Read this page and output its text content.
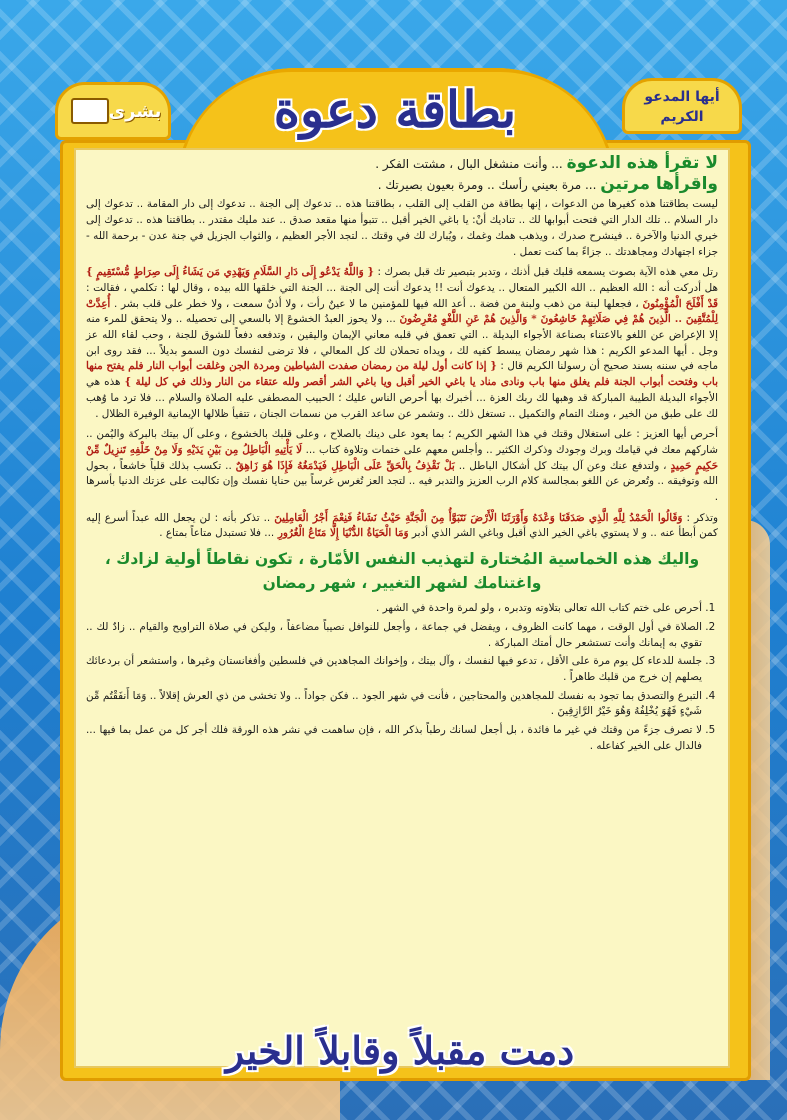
بطاقة دعوة	أيها المدعو الكريم
بشرى

لا تقرأ هذه الدعوة ... وأنت منشغل البال ، مشتت الفكر .

واقرأها مرتين ... مرة بعيني رأسك .. ومرة بعيون بصيرتك .

ليست بطاقتنا هذه كغيرها من الدعوات ، إنها بطاقة من القلب إلى القلب ، بطاقتنا هذه .. تدعوك إلى الجنة .. تدعوك إلى دار المقامة .. تدعوك إلى دار السلام .. تلك الدار التي فتحت أبوابها لك .. تناديك أنْ: يا باغي الخير أقبل .. تتبوأ منها مقعد صدق .. عند مليك مقتدر .. بطاقتنا هذه .. تدعوك إلى خيري الدنيا والآخرة .. فينشرح صدرك ، ويذهب همك وغمك ، ويُبارك لك في وقتك .. لتجد الأجر العظيم ، والثواب الجزيل في جنة عدن - برحمة الله - جزاء اجتهادك ومجاهدتك .. جزاءً بما كنت تعمل .

رتل معي هذه الآية بصوت يسمعه قلبك قبل أذنك ، وتدبر بتبصير تك قبل بصرك : { وَاللَّهُ يَدْعُو إِلَى دَارِ السَّلَامِ وَيَهْدِي مَن يَشَاءُ إِلَى صِرَاطٍ مُّسْتَقِيمٍ } هل أدركت أنه : الله العظيم .. الله الكبير المتعال .. يدعوك أنت !! يدعوك أنت إلى الجنة ... الجنة التي خلقها الله بيده ، وقال لها : تكلمي ، فقالت : قَدْ أَفْلَحَ الْمُؤْمِنُونَ ، فجعلها لبنة من ذهب ولبنة من فضة .. أعد الله فيها للمؤمنين ما لا عينٌ رأت ، ولا أذنٌ سمعت ، ولا خطر على قلب بشر . أُعِدَّتْ لِلْمُتَّقِينَ .. الَّذِينَ هُمْ فِي صَلَاتِهِمْ خَاشِعُونَ * وَالَّذِينَ هُمْ عَنِ اللَّغْوِ مُعْرِضُونَ ... ولا يحوز العبدُ الخشوعَ إلا بالسعي إلى تحصيله .. ولا يتحقق للمرء منه إلا الإعراض عن اللغو بالاعتناء بصناعة الأجواء البديلة .. التي تعمق في قلبه معاني الإيمان واليقين ، وتدفعه دفعاً للشوق للجنة ، وحب لقاء الله عز وجل . أيها المدعو الكريم : هذا شهر رمضان يبسط كفيه لك ، ويداه تحملان لك كل المعالي ، فلا ترضى لنفسك دون السمو بديلاً ... فقد روى ابن ماجه في سننه بسند صحيح أن رسولنا الكريم قال : { إذا كانت أول ليلة من رمضان صفدت الشياطين ومردة الجن وغلقت أبواب النار فلم يفتح منها باب وفتحت أبواب الجنة فلم يغلق منها باب ونادى مناد يا باغي الخير أقبل ويا باغي الشر أقصر ولله عتقاء من النار وذلك في كل ليلة } هذه هي الأجواء البديلة الطيبة المباركة قد وهبها لك ربك العزة ... أخبرك بها أحرص الناس عليك ؛ الحبيب المصطفى عليه الصلاة والسلام ... فلا ترد ما وُهب لك على طبق من الخير ، ومنك التمام والتكميل .. تستغل ذلك .. وتشمر عن ساعد القرب من نسمات الجنان ، تتفيأ ظلالها الإيمانية الوفيرة الظلال .

أحرص أيها العزيز : على استغلال وقتك في هذا الشهر الكريم ؛ بما يعود على دينك بالصلاح ، وعلى قلبك بالخشوع ، وعلى آل بيتك بالبركة واليُمن .. شاركهم معك في قيامك وبرك وجودك وذكرك الكثير .. وأجلس معهم على ختمات وتلاوة كتاب ... لَا يَأْتِيهِ الْبَاطِلُ مِن بَيْنِ يَدَيْهِ وَلَا مِنْ خَلْفِهِ تَنزِيلٌ مِّنْ حَكِيمٍ حَمِيدٍ ، ولتدفع عنك وعن آل بيتك كل أشكال الباطل .. بَلْ نَقْذِفُ بِالْحَقِّ عَلَى الْبَاطِلِ فَيَدْمَغُهُ فَإِذَا هُوَ زَاهِقٌ .. تكسب بذلك قلباً خاشعاً ، بحول الله وتوفيقه .. وتُعرض عن اللغو بمجالسة كلام الرب العزيز والتدبر فيه .. لتجد العز تُغرس غرساً بين حنايا نفسك وإن تكالبت على عزتك الدنيا بأسرها .

وتذكر : وَقَالُوا الْحَمْدُ لِلَّهِ الَّذِي صَدَقَنَا وَعْدَهُ وَأَوْرَثَنَا الْأَرْضَ نَتَبَوَّأُ مِنَ الْجَنَّةِ حَيْثُ نَشَاءُ فَنِعْمَ أَجْرُ الْعَامِلِينَ .. تذكر بأنه : لن يجعل الله عبداً أسرع إليه كمن أبطأ عنه .. و لا يستوي باغي الخير الذي أقبل وباغي الشر الذي أدبر وَمَا الْحَيَاةُ الدُّنْيَا إِلَّا مَتَاعُ الْغُرُورِ ... فلا تستبدل متاعاً بمتاع .

واليك هذه الخماسية المُختارة لتهذيب النفس الأمّارة ، تكون نقاطاً أولية لزادك ، واغتنامك لشهر التغيير ، شهر رمضان

1. أحرص على ختم كتاب الله تعالى بتلاوته وتدبره ، ولو لمرة واحدة في الشهر .
2. الصلاة في أول الوقت ، مهما كانت الظروف ، ويفضل في جماعة ، وأجعل للنوافل نصيباً مضاعفاً ، وليكن في صلاة التراويح والقيام .. زادٌ لك .. تقوي به إيمانك وأنت تستشعر حال أمتك المباركة .
3. جلسة للدعاء كل يوم مرة على الأقل ، تدعو فيها لنفسك ، وآل بيتك ، وإخوانك المجاهدين في فلسطين وأفغانستان وغيرها ، واستشعر أن بردعائك يصلهم إن خرج من قلبك طاهراً .
4. التبرع والتصدق بما تجود به نفسك للمجاهدين والمحتاجين ، فأنت في شهر الجود .. فكن جواداً .. ولا تخشى من ذي العرش إقلالاً .. وَمَا أَنفَقْتُم مِّن شَيْءٍ فَهُوَ يُخْلِفُهُ وَهُوَ خَيْرُ الرَّازِقِينَ .
5. لا تصرف جزءً من وقتك في غير ما فائدة ، بل أجعل لسانك رطباً بذكر الله ، فإن ساهمت في نشر هذه الورقة فلك أجر كل من عمل بما فيها ... فالدال على الخير كفاعله .
دمت مقبلاً وقابلاً الخير
